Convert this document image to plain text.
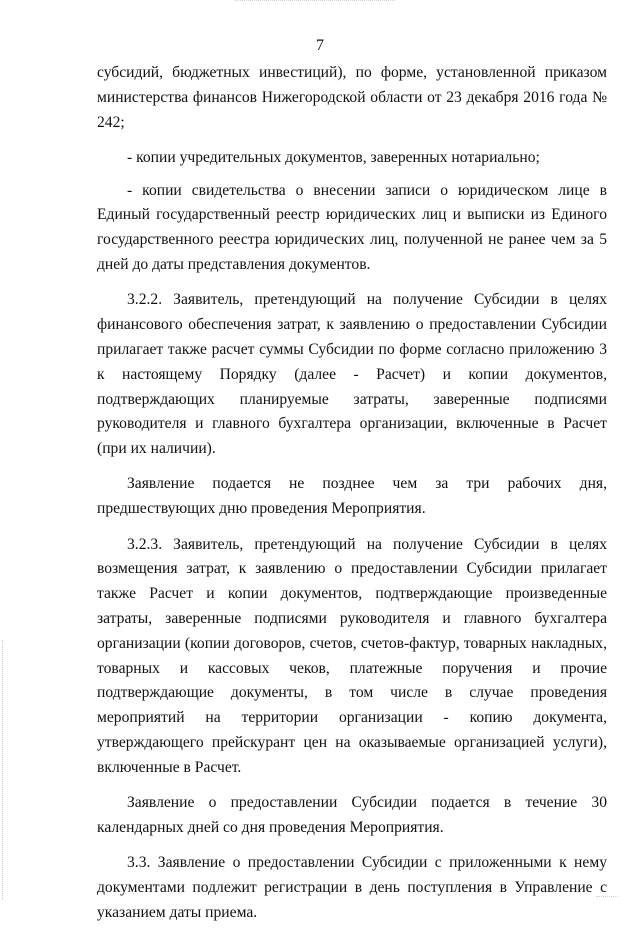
7

субсидий, бюджетных инвестиций), по форме, установленной приказом министерства финансов Нижегородской области от 23 декабря 2016 года № 242;

- копии учредительных документов, заверенных нотариально;

- копии свидетельства о внесении записи о юридическом лице в Единый государственный реестр юридических лиц и выписки из Единого государственного реестра юридических лиц, полученной не ранее чем за 5 дней до даты представления документов.

3.2.2. Заявитель, претендующий на получение Субсидии в целях финансового обеспечения затрат, к заявлению о предоставлении Субсидии прилагает также расчет суммы Субсидии по форме согласно приложению 3 к настоящему Порядку (далее - Расчет) и копии документов, подтверждающих планируемые затраты, заверенные подписями руководителя и главного бухгалтера организации, включенные в Расчет (при их наличии).

Заявление подается не позднее чем за три рабочих дня, предшествующих дню проведения Мероприятия.

3.2.3. Заявитель, претендующий на получение Субсидии в целях возмещения затрат, к заявлению о предоставлении Субсидии прилагает также Расчет и копии документов, подтверждающие произведенные затраты, заверенные подписями руководителя и главного бухгалтера организации (копии договоров, счетов, счетов-фактур, товарных накладных, товарных и кассовых чеков, платежные поручения и прочие подтверждающие документы, в том числе в случае проведения мероприятий на территории организации - копию документа, утверждающего прейскурант цен на оказываемые организацией услуги), включенные в Расчет.

Заявление о предоставлении Субсидии подается в течение 30 календарных дней со дня проведения Мероприятия.

3.3. Заявление о предоставлении Субсидии с приложенными к нему документами подлежит регистрации в день поступления в Управление с указанием даты приема.
